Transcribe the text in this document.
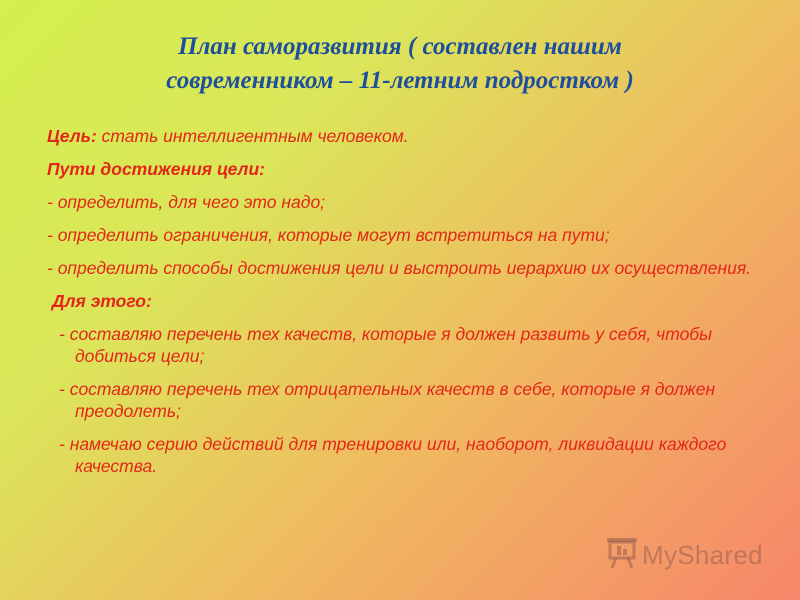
План саморазвития ( составлен нашим
современником – 11-летним подростком )

Цель: стать интеллигентным человеком.

Пути достижения цели:

- определить, для чего это надо;

- определить ограничения, которые могут встретиться на пути;

- определить способы достижения цели и выстроить иерархию их осуществления.

Для этого:

- составляю перечень тех качеств, которые я должен развить у себя, чтобы добиться цели;

- составляю перечень тех отрицательных качеств в себе, которые я должен преодолеть;

- намечаю серию действий для тренировки или, наоборот, ликвидации каждого качества.

MyShared
